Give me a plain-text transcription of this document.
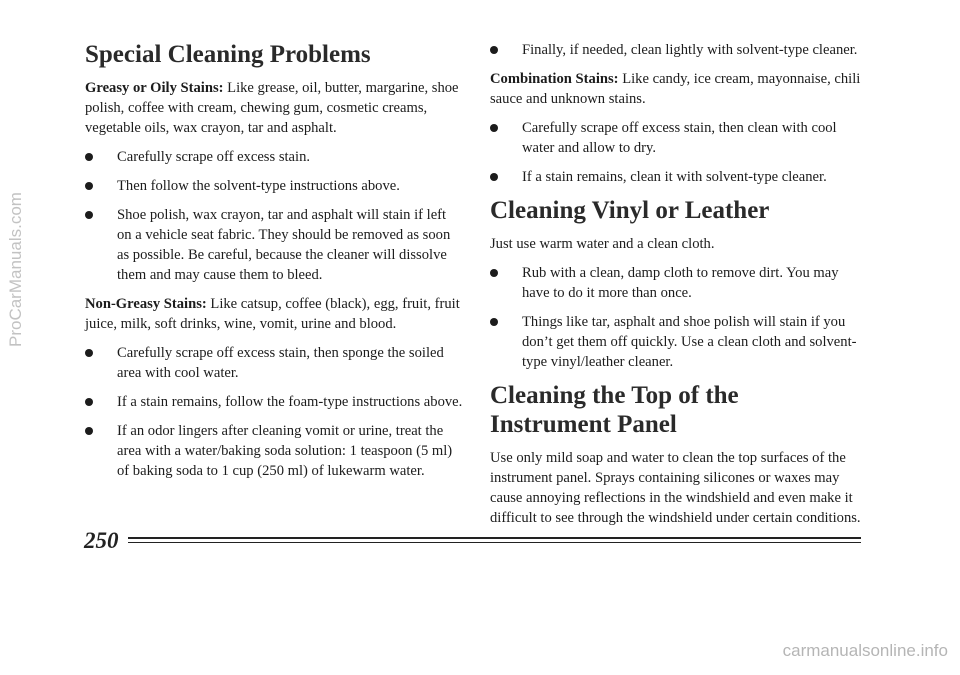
ProCarManuals.com
Special Cleaning Problems

Greasy or Oily Stains: Like grease, oil, butter, margarine, shoe polish, coffee with cream, chewing gum, cosmetic creams, vegetable oils, wax crayon, tar and asphalt.

Carefully scrape off excess stain.
Then follow the solvent-type instructions above.
Shoe polish, wax crayon, tar and asphalt will stain if left on a vehicle seat fabric. They should be removed as soon as possible. Be careful, because the cleaner will dissolve them and may cause them to bleed.

Non-Greasy Stains: Like catsup, coffee (black), egg, fruit, fruit juice, milk, soft drinks, wine, vomit, urine and blood.

Carefully scrape off excess stain, then sponge the soiled area with cool water.
If a stain remains, follow the foam-type instructions above.
If an odor lingers after cleaning vomit or urine, treat the area with a water/baking soda solution: 1 teaspoon (5 ml) of baking soda to 1 cup (250 ml) of lukewarm water.
Finally, if needed, clean lightly with solvent-type cleaner.

Combination Stains: Like candy, ice cream, mayonnaise, chili sauce and unknown stains.

Carefully scrape off excess stain, then clean with cool water and allow to dry.
If a stain remains, clean it with solvent-type cleaner.
Cleaning Vinyl or Leather

Just use warm water and a clean cloth.

Rub with a clean, damp cloth to remove dirt. You may have to do it more than once.
Things like tar, asphalt and shoe polish will stain if you don’t get them off quickly. Use a clean cloth and solvent-type vinyl/leather cleaner.
Cleaning the Top of the Instrument Panel

Use only mild soap and water to clean the top surfaces of the instrument panel. Sprays containing silicones or waxes may cause annoying reflections in the windshield and even make it difficult to see through the windshield under certain conditions.

250
carmanualsonline.info
